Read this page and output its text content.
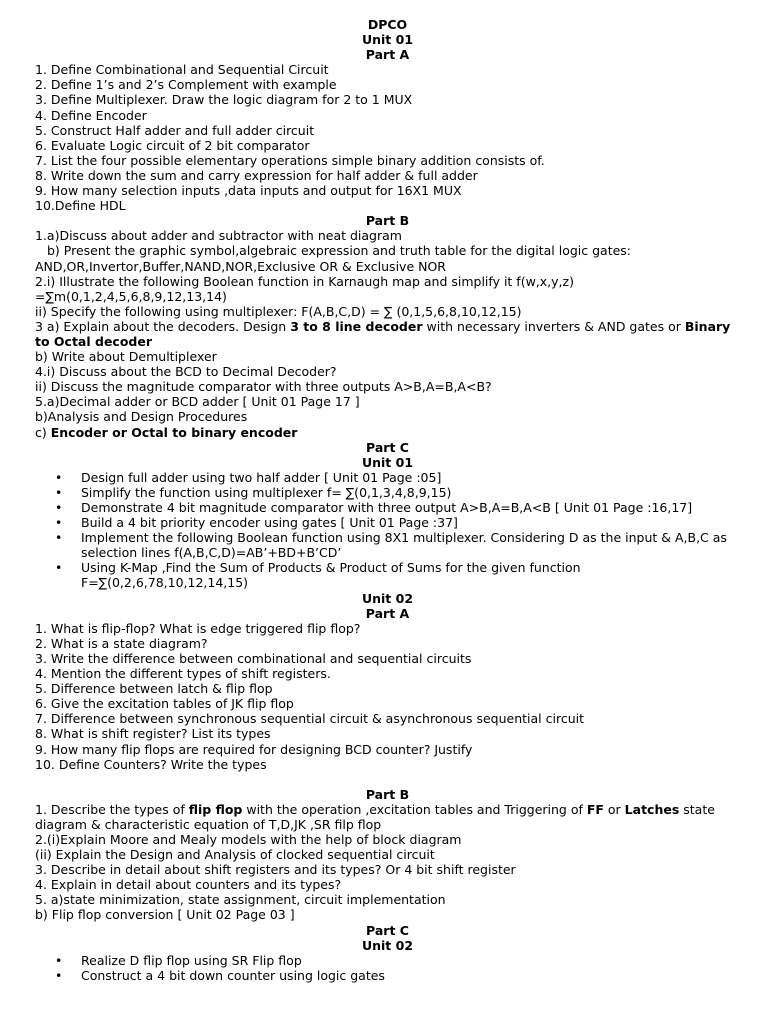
DPCO
Unit 01
Part A
1. Define Combinational and Sequential Circuit
2. Define 1’s and 2’s Complement with example
3. Define Multiplexer. Draw the logic diagram for 2 to 1 MUX
4. Define Encoder
5. Construct Half adder and full adder circuit
6. Evaluate Logic circuit of 2 bit comparator
7. List the four possible elementary operations simple binary addition consists of.
8. Write down the sum and carry expression for half adder & full adder
9. How many selection inputs ,data inputs and output for 16X1 MUX
10.Define HDL
Part B
1.a)Discuss about adder and subtractor with neat diagram
b) Present the graphic symbol,algebraic expression and truth table for the digital logic gates:
AND,OR,Invertor,Buffer,NAND,NOR,Exclusive OR & Exclusive NOR
2.i) Illustrate the following Boolean function in Karnaugh map and simplify it f(w,x,y,z)
=∑m(0,1,2,4,5,6,8,9,12,13,14)
ii) Specify the following using multiplexer: F(A,B,C,D) = ∑ (0,1,5,6,8,10,12,15)
3 a) Explain about the decoders. Design 3 to 8 line decoder with necessary inverters & AND gates or Binary
to Octal decoder
b) Write about Demultiplexer
4.i) Discuss about the BCD to Decimal Decoder?
ii) Discuss the magnitude comparator with three outputs A>B,A=B,A<B?
5.a)Decimal adder or BCD adder [ Unit 01 Page 17 ]
b)Analysis and Design Procedures
c) Encoder or Octal to binary encoder
Part C
Unit 01
• Design full adder using two half adder [ Unit 01 Page :05]
• Simplify the function using multiplexer f= ∑(0,1,3,4,8,9,15)
• Demonstrate 4 bit magnitude comparator with three output A>B,A=B,A<B [ Unit 01 Page :16,17]
• Build a 4 bit priority encoder using gates [ Unit 01 Page :37]
• Implement the following Boolean function using 8X1 multiplexer. Considering D as the input & A,B,C as selection lines f(A,B,C,D)=AB’+BD+B’CD’
• Using K-Map ,Find the Sum of Products & Product of Sums for the given function F=∑(0,2,6,78,10,12,14,15)
Unit 02
Part A
1. What is flip-flop? What is edge triggered flip flop?
2. What is a state diagram?
3. Write the difference between combinational and sequential circuits
4. Mention the different types of shift registers.
5. Difference between latch & flip flop
6. Give the excitation tables of JK flip flop
7. Difference between synchronous sequential circuit & asynchronous sequential circuit
8. What is shift register? List its types
9. How many flip flops are required for designing BCD counter? Justify
10. Define Counters? Write the types
Part B
1. Describe the types of flip flop with the operation ,excitation tables and Triggering of FF or Latches state
diagram & characteristic equation of T,D,JK ,SR filp flop
2.(i)Explain Moore and Mealy models with the help of block diagram
(ii) Explain the Design and Analysis of clocked sequential circuit
3. Describe in detail about shift registers and its types? Or 4 bit shift register
4. Explain in detail about counters and its types?
5. a)state minimization, state assignment, circuit implementation
b) Flip flop conversion [ Unit 02 Page 03 ]
Part C
Unit 02
• Realize D flip flop using SR Flip flop
• Construct a 4 bit down counter using logic gates
